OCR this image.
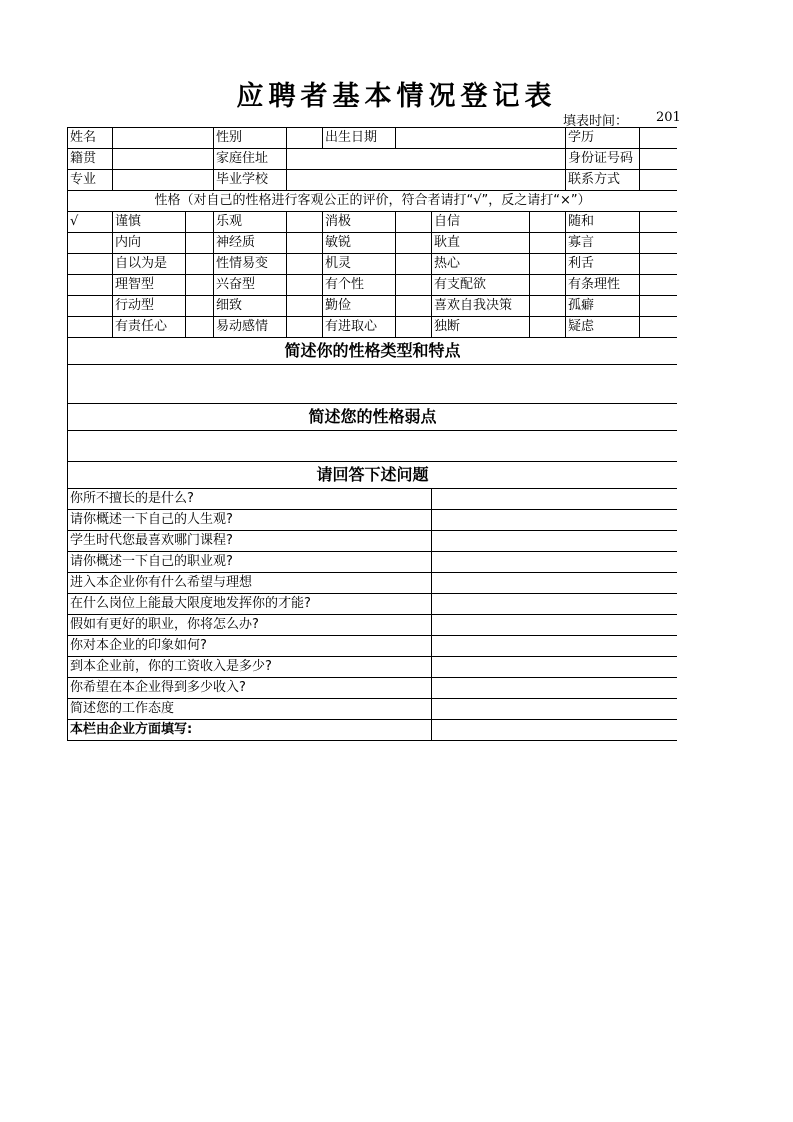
应聘者基本情况登记表
填表时间： 201
姓名			性别		出生日期				学历	
籍贯			家庭住址						身份证号码	
专业			毕业学校						联系方式	
性格（对自己的性格进行客观公正的评价，符合者请打“√”，反之请打“×”）										
√	谨慎		乐观		消极		自信		随和	
	内向		神经质		敏锐		耿直		寡言	
	自以为是		性情易变		机灵		热心		利舌	
	理智型		兴奋型		有个性		有支配欲		有条理性	
	行动型		细致		勤俭		喜欢自我决策		孤癖	
	有责任心		易动感情		有进取心		独断		疑虑	
简述你的性格类型和特点										

简述您的性格弱点										

请回答下述问题										
你所不擅长的是什么?										
请你概述一下自己的人生观?										
学生时代您最喜欢哪门课程?										
请你概述一下自己的职业观?										
进入本企业你有什么希望与理想										
在什么岗位上能最大限度地发挥你的才能?										
假如有更好的职业，你将怎么办?										
你对本企业的印象如何?										
到本企业前，你的工资收入是多少?										
你希望在本企业得到多少收入?										
简述您的工作态度										
本栏由企业方面填写:										
